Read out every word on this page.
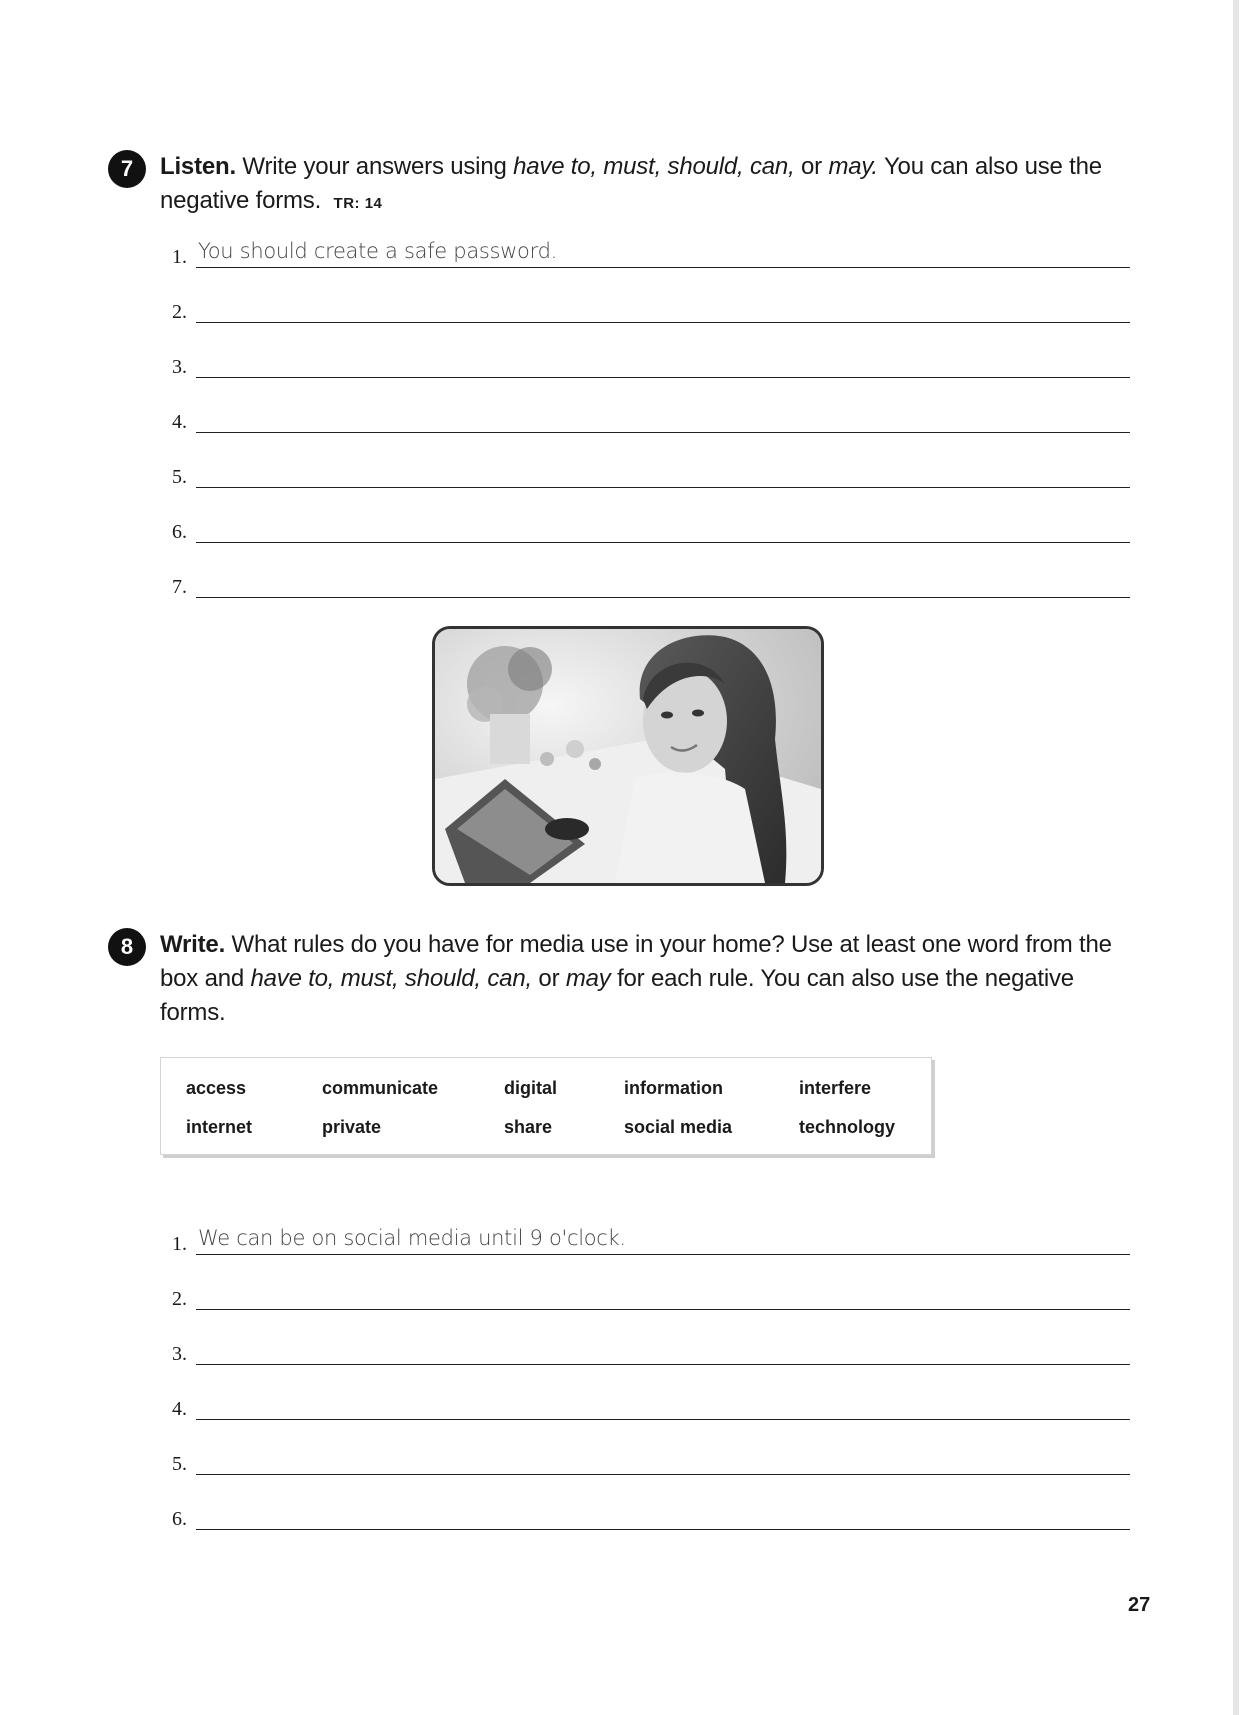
7	Listen. Write your answers using have to, must, should, can, or may. You can also use the negative forms. TR: 14
1. You should create a safe password.
2.
3.
4.
5.
6.
7.
8	Write. What rules do you have for media use in your home? Use at least one word from the box and have to, must, should, can, or may for each rule. You can also use the negative forms.
access	communicate	digital	information	interfere
internet	private	share	social media	technology
1. We can be on social media until 9 o'clock.
2.
3.
4.
5.
6.
27
